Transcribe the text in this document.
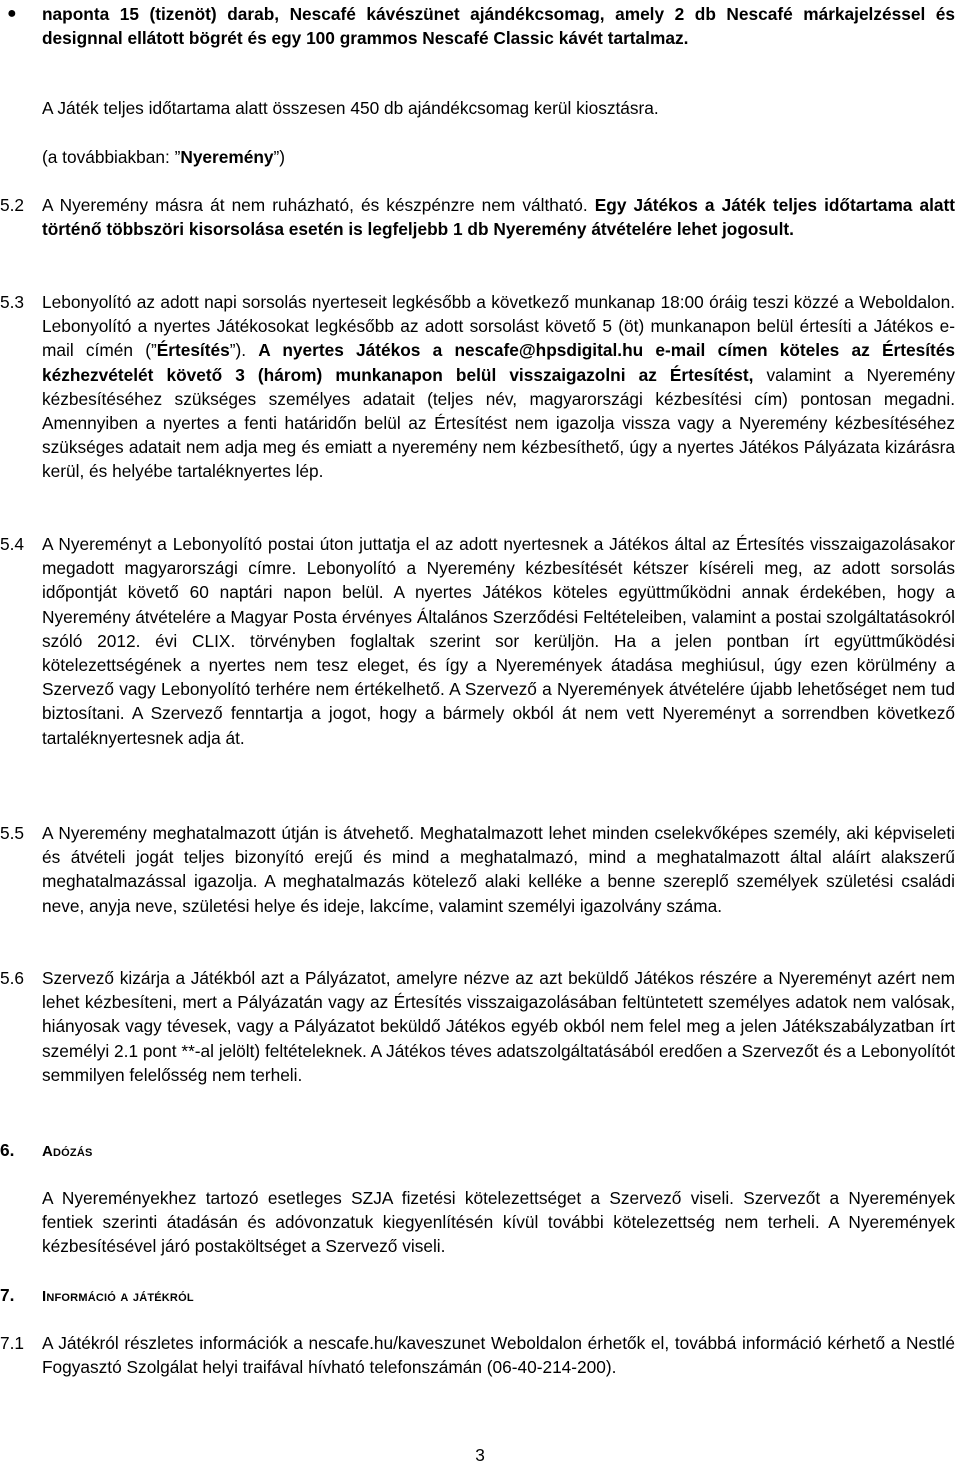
● naponta 15 (tizenöt) darab, Nescafé kávészünet ajándékcsomag, amely 2 db Nescafé márkajelzéssel és designnal ellátott bögrét és egy 100 grammos Nescafé Classic kávét tartalmaz.
A Játék teljes időtartama alatt összesen 450 db ajándékcsomag kerül kiosztásra.
(a továbbiakban: ”Nyeremény”)
5.2	A Nyeremény másra át nem ruházható, és készpénzre nem váltható. Egy Játékos a Játék teljes időtartama alatt történő többszöri kisorsolása esetén is legfeljebb 1 db Nyeremény átvételére lehet jogosult.
5.3	Lebonyolító az adott napi sorsolás nyerteseit legkésőbb a következő munkanap 18:00 óráig teszi közzé a Weboldalon. Lebonyolító a nyertes Játékosokat legkésőbb az adott sorsolást követő 5 (öt) munkanapon belül értesíti a Játékos e-mail címén (”Értesítés”). A nyertes Játékos a nescafe@hpsdigital.hu e-mail címen köteles az Értesítés kézhezvételét követő 3 (három) munkanapon belül visszaigazolni az Értesítést, valamint a Nyeremény kézbesítéséhez szükséges személyes adatait (teljes név, magyarországi kézbesítési cím) pontosan megadni. Amennyiben a nyertes a fenti határidőn belül az Értesítést nem igazolja vissza vagy a Nyeremény kézbesítéséhez szükséges adatait nem adja meg és emiatt a nyeremény nem kézbesíthető, úgy a nyertes Játékos Pályázata kizárásra kerül, és helyébe tartaléknyertes lép.
5.4	A Nyereményt a Lebonyolító postai úton juttatja el az adott nyertesnek a Játékos által az Értesítés visszaigazolásakor megadott magyarországi címre. Lebonyolító a Nyeremény kézbesítését kétszer kíséreli meg, az adott sorsolás időpontját követő 60 naptári napon belül. A nyertes Játékos köteles együttműködni annak érdekében, hogy a Nyeremény átvételére a Magyar Posta érvényes Általános Szerződési Feltételeiben, valamint a postai szolgáltatásokról szóló 2012. évi CLIX. törvényben foglaltak szerint sor kerüljön. Ha a jelen pontban írt együttműködési kötelezettségének a nyertes nem tesz eleget, és így a Nyeremények átadása meghiúsul, úgy ezen körülmény a Szervező vagy Lebonyolító terhére nem értékelhető. A Szervező a Nyeremények átvételére újabb lehetőséget nem tud biztosítani. A Szervező fenntartja a jogot, hogy a bármely okból át nem vett Nyereményt a sorrendben következő tartaléknyertesnek adja át.
5.5	A Nyeremény meghatalmazott útján is átvehető. Meghatalmazott lehet minden cselekvőképes személy, aki képviseleti és átvételi jogát teljes bizonyító erejű és mind a meghatalmazó, mind a meghatalmazott által aláírt alakszerű meghatalmazással igazolja. A meghatalmazás kötelező alaki kelléke a benne szereplő személyek születési családi neve, anyja neve, születési helye és ideje, lakcíme, valamint személyi igazolvány száma.
5.6	Szervező kizárja a Játékból azt a Pályázatot, amelyre nézve az azt beküldő Játékos részére a Nyereményt azért nem lehet kézbesíteni, mert a Pályázatán vagy az Értesítés visszaigazolásában feltüntetett személyes adatok nem valósak, hiányosak vagy tévesek, vagy a Pályázatot beküldő Játékos egyéb okból nem felel meg a jelen Játékszabályzatban írt személyi 2.1 pont **-al jelölt) feltételeknek. A Játékos téves adatszolgáltatásából eredően a Szervezőt és a Lebonyolítót semmilyen felelősség nem terheli.
6. Adózás
A Nyereményekhez tartozó esetleges SZJA fizetési kötelezettséget a Szervező viseli. Szervezőt a Nyeremények fentiek szerinti átadásán és adóvonzatuk kiegyenlítésén kívül további kötelezettség nem terheli. A Nyeremények kézbesítésével járó postaköltséget a Szervező viseli.
7. Információ a játékról
7.1	A Játékról részletes információk a nescafe.hu/kaveszunet Weboldalon érhetők el, továbbá információ kérhető a Nestlé Fogyasztó Szolgálat helyi traifával hívható telefonszámán (06-40-214-200).
3
